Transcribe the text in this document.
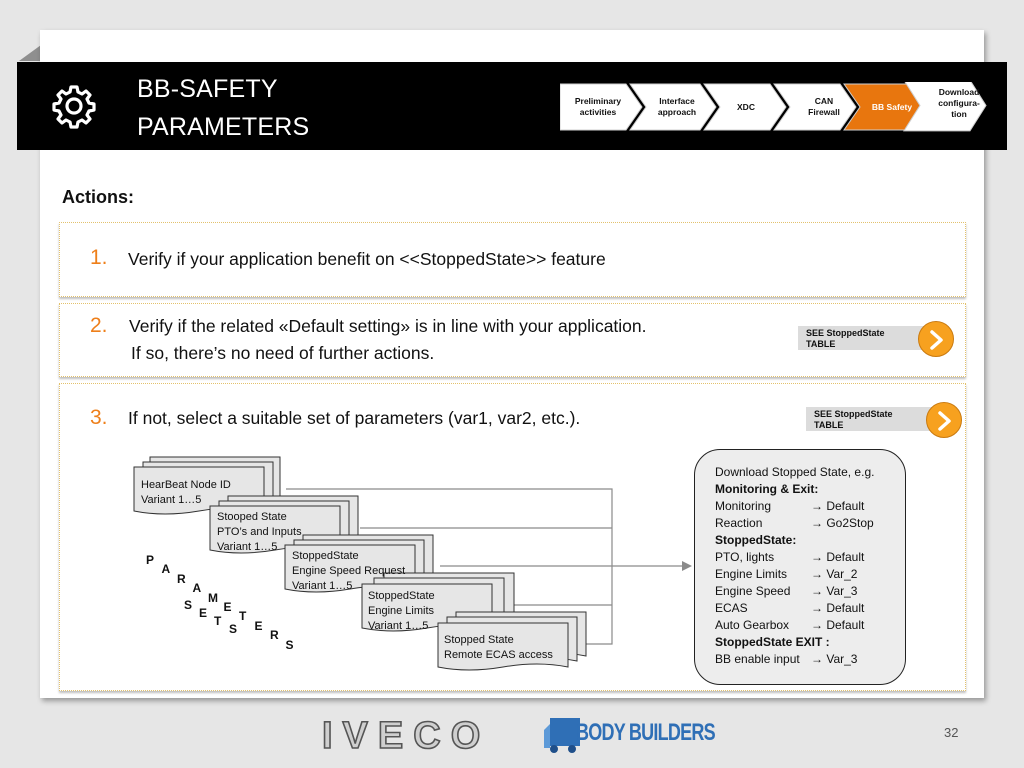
BB-SAFETY
PARAMETERS
Preliminary activities
Interface approach
XDC
CAN Firewall
BB Safety
Download configura-tion
Actions:
1. Verify if your application benefit on <<StoppedState>> feature
2. Verify if the related «Default setting» is in line with your application.
If so, there’s no need of further actions.
SEE StoppedState TABLE
3. If not, select a suitable set of parameters (var1, var2, etc.).	SEE StoppedState TABLE
HearBeat Node ID
Variant 1…5
Stooped State
PTO’s and Inputs
Variant 1…5
StoppedState
Engine Speed Request
Variant 1…5
StoppedState
Engine Limits
Variant 1…5
Stopped State
Remote ECAS access
P
A
R
A
M
E
T
E
R
S
S
E
T
S
Download Stopped State, e.g.
Monitoring & Exit:
Monitoring	→ Default
Reaction	→ Go2Stop
StoppedState:
PTO, lights	→ Default
Engine Limits → Var_2
Engine Speed → Var_3
ECAS	→ Default
Auto Gearbox → Default
StoppedState EXIT :
BB enable input → Var_3
IVECO	BODY BUILDERS	32
